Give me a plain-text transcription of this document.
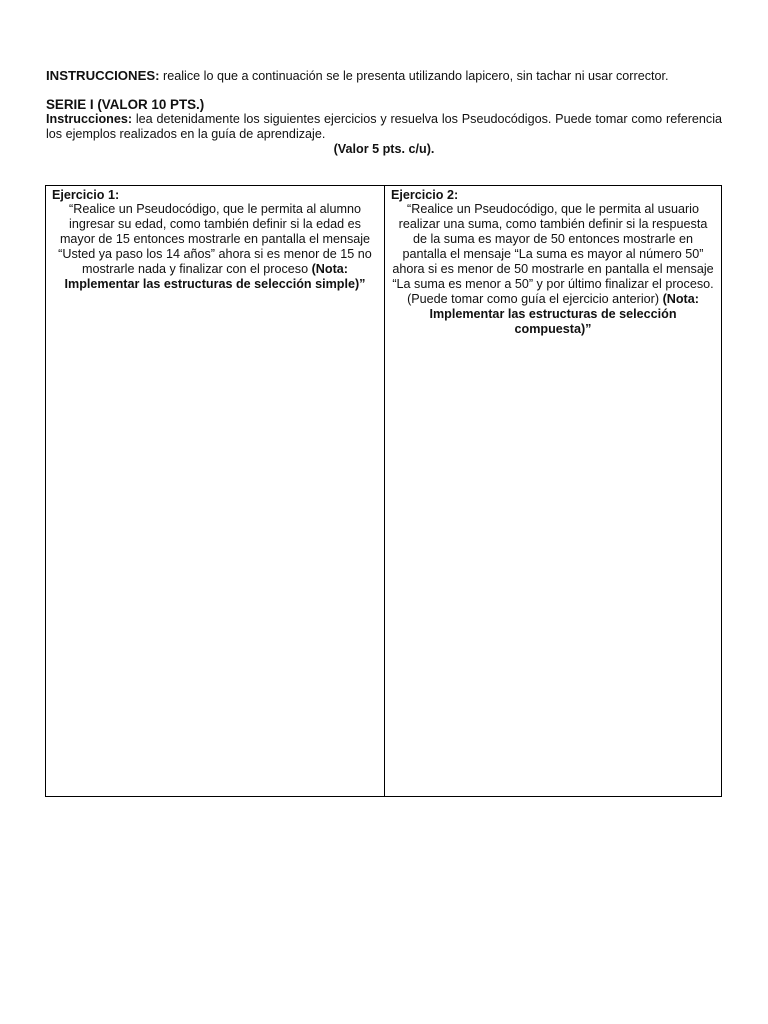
INSTRUCCIONES: realice lo que a continuación se le presenta utilizando lapicero, sin tachar ni usar corrector.

SERIE I (VALOR 10 PTS.)

Instrucciones: lea detenidamente los siguientes ejercicios y resuelva los Pseudocódigos. Puede tomar como referencia los ejemplos realizados en la guía de aprendizaje.

(Valor 5 pts. c/u).

Ejercicio 1:

“Realice un Pseudocódigo, que le permita al alumno ingresar su edad, como también definir si la edad es mayor de 15 entonces mostrarle en pantalla el mensaje “Usted ya paso los 14 años” ahora si es menor de 15 no mostrarle nada y finalizar con el proceso (Nota: Implementar las estructuras de selección simple)”

Ejercicio 2:

“Realice un Pseudocódigo, que le permita al usuario realizar una suma, como también definir si la respuesta de la suma es mayor de 50 entonces mostrarle en pantalla el mensaje “La suma es mayor al número 50” ahora si es menor de 50 mostrarle en pantalla el mensaje “La suma es menor a 50” y por último finalizar el proceso. (Puede tomar como guía el ejercicio anterior) (Nota: Implementar las estructuras de selección compuesta)”
